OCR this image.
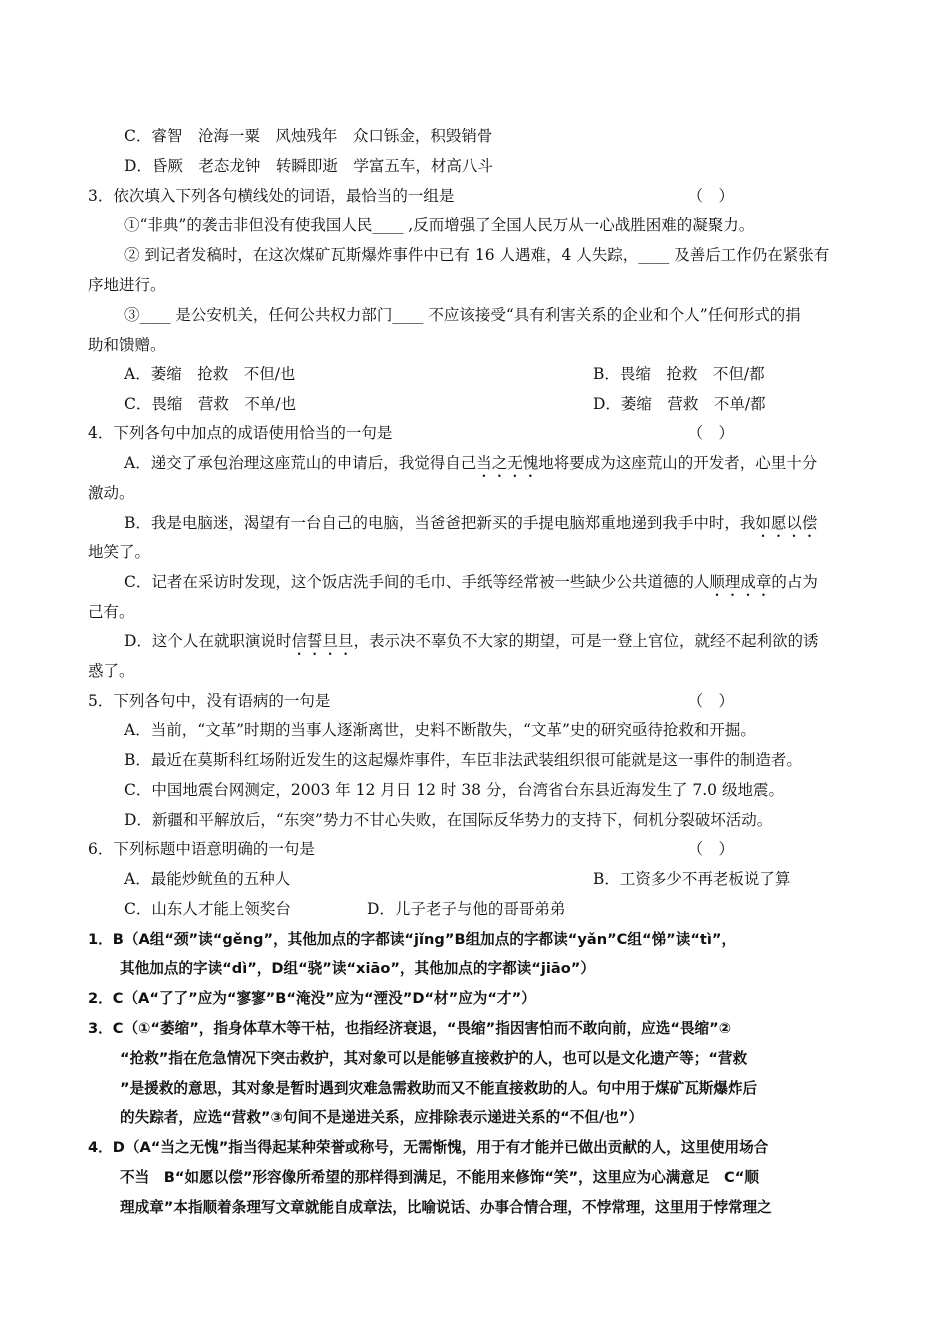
C．睿智　沧海一粟　风烛残年　众口铄金，积毁销骨
D．昏厥　老态龙钟　转瞬即逝　学富五车，材高八斗
3．依次填入下列各句横线处的词语，最恰当的一组是	（　）
①“非典”的袭击非但没有使我国人民____ ,反而增强了全国人民万从一心战胜困难的凝聚力。
② 到记者发稿时，在这次煤矿瓦斯爆炸事件中已有 16 人遇难，4 人失踪，____ 及善后工作仍在紧张有
序地进行。
③____ 是公安机关，任何公共权力部门____ 不应该接受“具有利害关系的企业和个人”任何形式的捐
助和馈赠。
A．萎缩　抢救　不但/也	B．畏缩　抢救　不但/都
C．畏缩　营救　不单/也	D．萎缩　营救　不单/都
4．下列各句中加点的成语使用恰当的一句是	（　）
A．递交了承包治理这座荒山的申请后，我觉得自己当之无愧地将要成为这座荒山的开发者，心里十分
激动。
B．我是电脑迷，渴望有一台自己的电脑，当爸爸把新买的手提电脑郑重地递到我手中时，我如愿以偿
地笑了。
C．记者在采访时发现，这个饭店洗手间的毛巾、手纸等经常被一些缺少公共道德的人顺理成章的占为
己有。
D．这个人在就职演说时信誓旦旦，表示决不辜负不大家的期望，可是一登上官位，就经不起利欲的诱
惑了。
5．下列各句中，没有语病的一句是	（　）
A．当前，“文革”时期的当事人逐渐离世，史料不断散失，“文革”史的研究亟待抢救和开掘。
B．最近在莫斯科红场附近发生的这起爆炸事件，车臣非法武装组织很可能就是这一事件的制造者。
C．中国地震台网测定，2003 年 12 月日 12 时 38 分，台湾省台东县近海发生了 7.0 级地震。
D．新疆和平解放后，“东突”势力不甘心失败，在国际反华势力的支持下，伺机分裂破坏活动。
6．下列标题中语意明确的一句是	（　）
A．最能炒鱿鱼的五种人	B．工资多少不再老板说了算
C．山东人才能上领奖台	D．儿子老子与他的哥哥弟弟
1．B（A组“颈”读“gěng”，其他加点的字都读“jǐng”B组加点的字都读“yǎn”C组“悌”读“tì”，
其他加点的字读“dì”，D组“骁”读“xiāo”，其他加点的字都读“jiāo”）
2．C（A“了了”应为“寥寥”B“淹没”应为“湮没”D“材”应为“才”）
3．C（①“萎缩”，指身体草木等干枯，也指经济衰退，“畏缩”指因害怕而不敢向前，应选“畏缩”②
“抢救”指在危急情况下突击救护，其对象可以是能够直接救护的人，也可以是文化遗产等；“营救
”是援救的意思，其对象是暂时遇到灾难急需救助而又不能直接救助的人。句中用于煤矿瓦斯爆炸后
的失踪者，应选“营救”③句间不是递进关系，应排除表示递进关系的“不但/也”）
4．D（A“当之无愧”指当得起某种荣誉或称号，无需惭愧，用于有才能并已做出贡献的人，这里使用场合
不当　B“如愿以偿”形容像所希望的那样得到满足，不能用来修饰“笑”，这里应为心满意足　C“顺
理成章”本指顺着条理写文章就能自成章法，比喻说话、办事合情合理，不悖常理，这里用于悖常理之
